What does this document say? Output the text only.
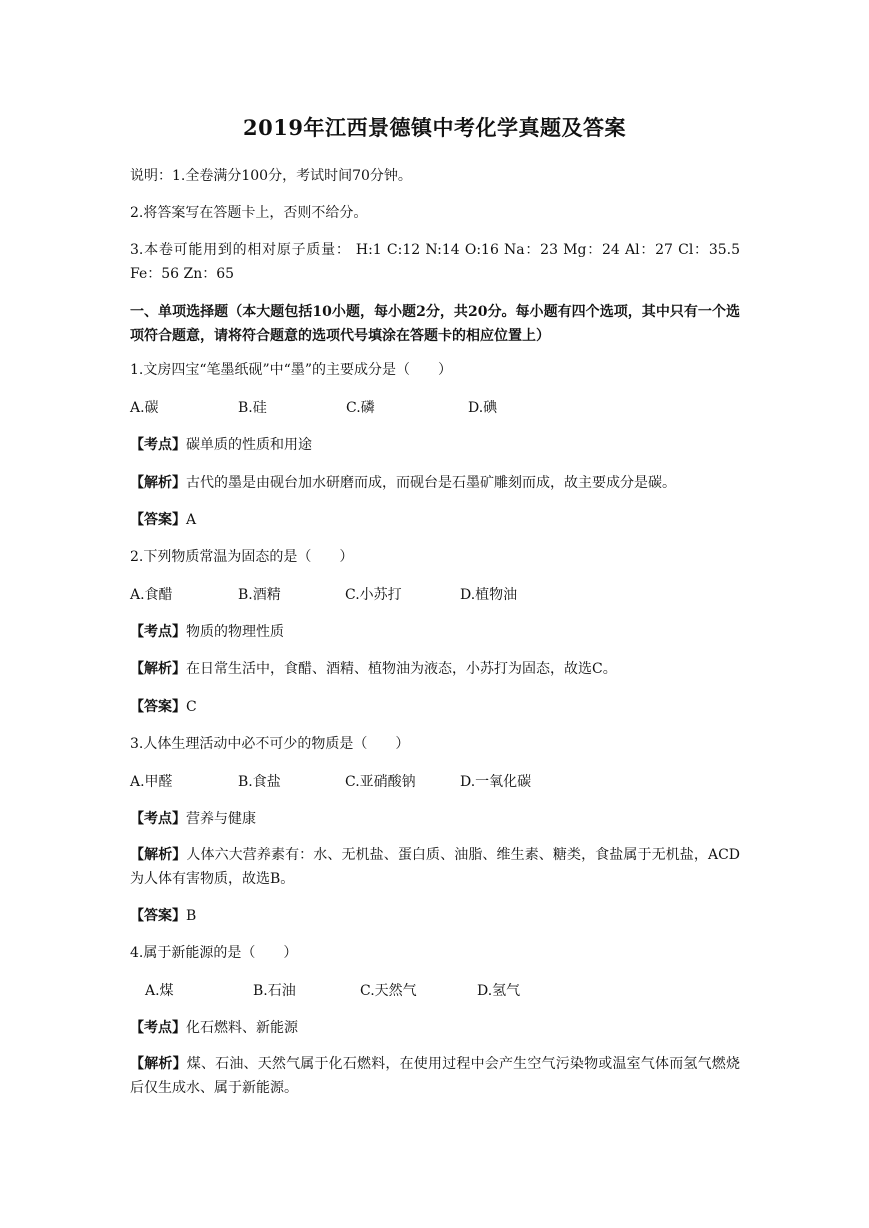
2019年江西景德镇中考化学真题及答案

说明：1.全卷满分100分，考试时间70分钟。

2.将答案写在答题卡上，否则不给分。

3.本卷可能用到的相对原子质量： H:1 C:12 N:14 O:16 Na：23 Mg：24 Al：27 Cl：35.5 Fe：56 Zn：65

一、单项选择题（本大题包括10小题，每小题2分，共20分。每小题有四个选项，其中只有一个选项符合题意，请将符合题意的选项代号填涂在答题卡的相应位置上）

1.文房四宝“笔墨纸砚”中“墨”的主要成分是（　　）

A.碳	B.硅	C.磷	D.碘

【考点】碳单质的性质和用途

【解析】古代的墨是由砚台加水研磨而成，而砚台是石墨矿雕刻而成，故主要成分是碳。

【答案】A

2.下列物质常温为固态的是（　　）

A.食醋	B.酒精	C.小苏打	D.植物油

【考点】物质的物理性质

【解析】在日常生活中，食醋、酒精、植物油为液态，小苏打为固态，故选C。

【答案】C

3.人体生理活动中必不可少的物质是（　　）

A.甲醛	B.食盐	C.亚硝酸钠	D.一氧化碳

【考点】营养与健康

【解析】人体六大营养素有：水、无机盐、蛋白质、油脂、维生素、糖类，食盐属于无机盐，ACD为人体有害物质，故选B。

【答案】B

4.属于新能源的是（　　）

A.煤	B.石油	C.天然气	D.氢气

【考点】化石燃料、新能源

【解析】煤、石油、天然气属于化石燃料，在使用过程中会产生空气污染物或温室气体而氢气燃烧后仅生成水、属于新能源。
